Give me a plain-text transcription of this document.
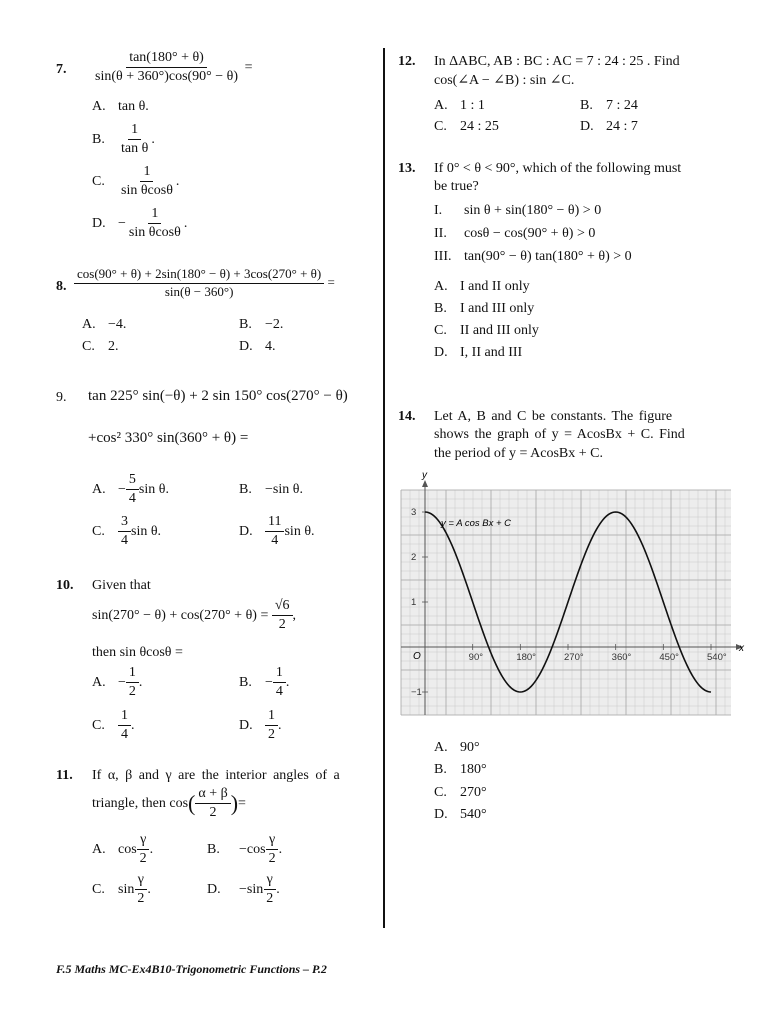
7. $\frac{\tan(180^\circ + \theta)}{\sin(\theta + 360^\circ)\cos(90^\circ - \theta)}$ =
A. tan θ.
B. $\frac{1}{\text{tan θ}}$ .
C. $\frac{1}{\text{sin θcosθ}}$ .
D. − $\frac{1}{\text{sin θcosθ}}$ .
8. $\frac{\cos(90^\circ + \theta) + 2\sin(180^\circ - \theta) + 3\cos(270^\circ + \theta)}{\sin(\theta - 360^\circ)}$ =
A. −4.	B. −2.
C. 2.	D. 4.
9. tan 225° sin(−θ) + 2 sin 150° cos(270° − θ)
+cos² 330° sin(360° + θ) =
A. − $\frac{5}{4}$ sin θ.	B. −sin θ.
C. $\frac{3}{4}$ sin θ.	D. $\frac{11}{4}$ sin θ.
10. Given that
$\sin(270^\circ - \theta) + \cos(270^\circ + \theta) = \frac{√6}{2}$ ,
then sin θcosθ =
A. − $\frac{1}{2}$ .	B. − $\frac{1}{4}$ .
C. $\frac{1}{4}$ .	D. $\frac{1}{2}$ .
11. If α, β and γ are the interior angles of a
triangle, then $\cos( \frac{\alpha + \beta}{2}$ )=
A. $\cos \frac{\gamma}{2}$ .	B. $-\cos \frac{\gamma}{2}$ .
C. $\sin \frac{\gamma}{2}$ .	D. $-\sin \frac{\gamma}{2}$ .
12. In ΔABC, AB : BC : AC = 7 : 24 : 25 . Find
cos(∠A − ∠B) : sin ∠C.
A. 1 : 1	B. 7 : 24
C. 24 : 25	D. 24 : 7
13. If 0° < θ < 90°, which of the following must
be true?
I. sin θ + sin(180° − θ) > 0
II. cosθ − cos(90° + θ) > 0
III. tan(90° − θ) tan(180° + θ) > 0
A. I and II only
B. I and III only
C. II and III only
D. I, II and III
14. Let A, B and C be constants. The figure
shows the graph of y = AcosBx + C. Find
the period of y = AcosBx + C.
90°	180°	270°	360°	450°	540°
1
2
3
−1
y = A cos Bx + C
x
y
O
A. 90°
B. 180°
C. 270°
D. 540°
F.5 Maths MC-Ex4B10-Trigonometric Functions – P.2
